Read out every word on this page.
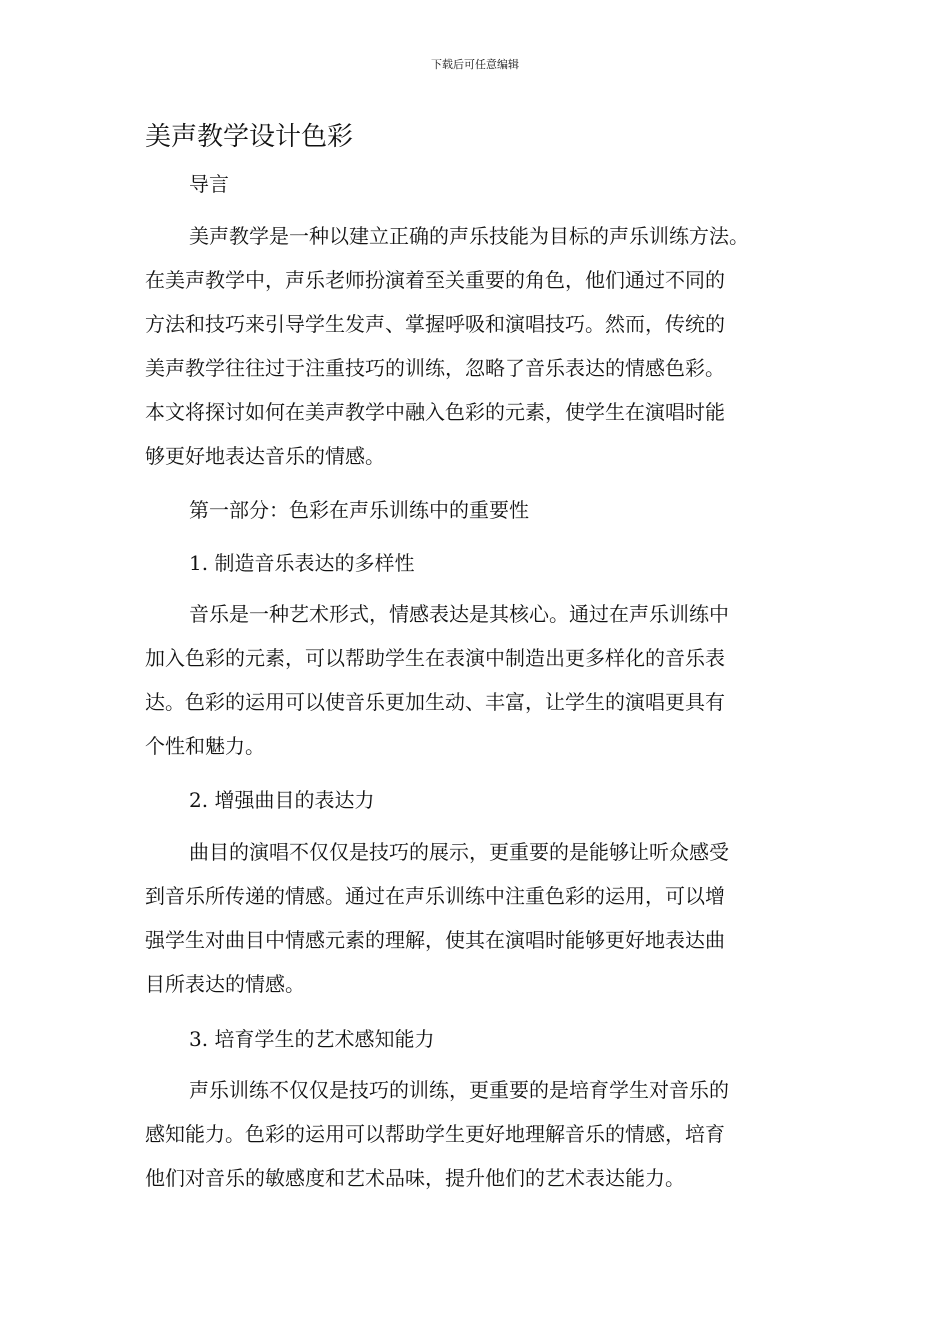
下载后可任意编辑
美声教学设计色彩

导言

美声教学是一种以建立正确的声乐技能为目标的声乐训练方法。
在美声教学中，声乐老师扮演着至关重要的角色，他们通过不同的
方法和技巧来引导学生发声、掌握呼吸和演唱技巧。然而，传统的
美声教学往往过于注重技巧的训练，忽略了音乐表达的情感色彩。
本文将探讨如何在美声教学中融入色彩的元素，使学生在演唱时能
够更好地表达音乐的情感。

第一部分：色彩在声乐训练中的重要性

1. 制造音乐表达的多样性

音乐是一种艺术形式，情感表达是其核心。通过在声乐训练中
加入色彩的元素，可以帮助学生在表演中制造出更多样化的音乐表
达。色彩的运用可以使音乐更加生动、丰富，让学生的演唱更具有
个性和魅力。

2. 增强曲目的表达力

曲目的演唱不仅仅是技巧的展示，更重要的是能够让听众感受
到音乐所传递的情感。通过在声乐训练中注重色彩的运用，可以增
强学生对曲目中情感元素的理解，使其在演唱时能够更好地表达曲
目所表达的情感。

3. 培育学生的艺术感知能力

声乐训练不仅仅是技巧的训练，更重要的是培育学生对音乐的
感知能力。色彩的运用可以帮助学生更好地理解音乐的情感，培育
他们对音乐的敏感度和艺术品味，提升他们的艺术表达能力。
